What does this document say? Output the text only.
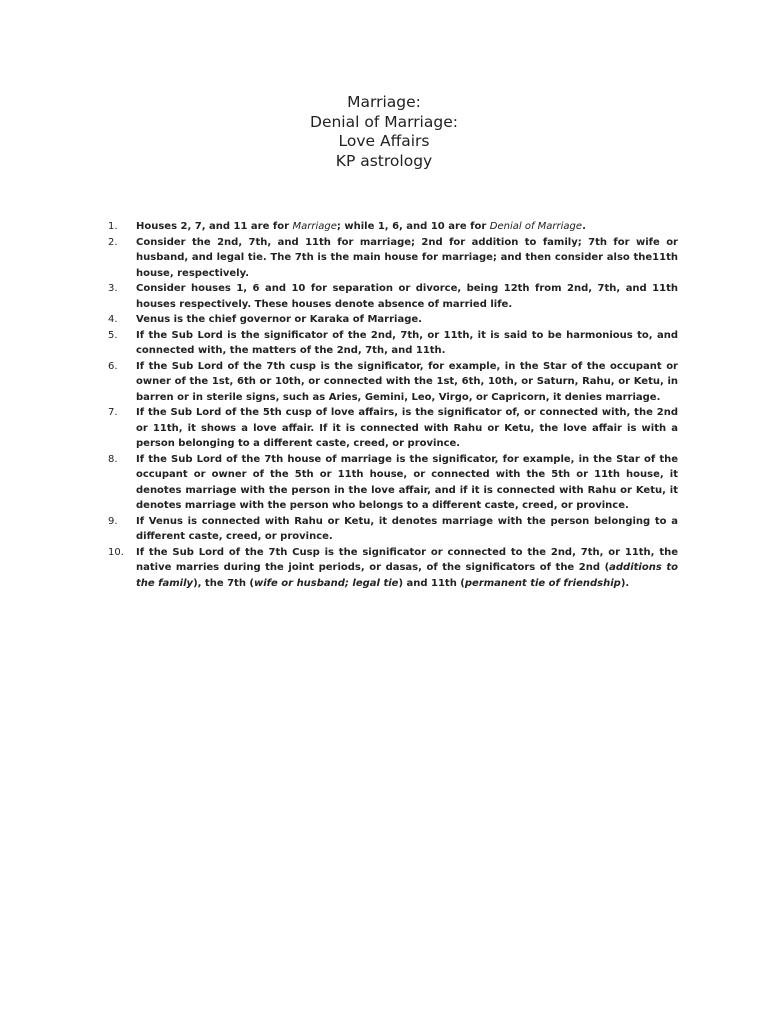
Marriage:
Denial of Marriage:
Love Affairs
KP astrology
1.	Houses 2, 7, and 11 are for Marriage; while 1, 6, and 10 are for Denial of Marriage.
2.	Consider the 2nd, 7th, and 11th for marriage; 2nd for addition to family; 7th for wife or husband, and legal tie. The 7th is the main house for marriage; and then consider also the11th house, respectively.
3.	Consider houses 1, 6 and 10 for separation or divorce, being 12th from 2nd, 7th, and 11th houses respectively. These houses denote absence of married life.
4.	Venus is the chief governor or Karaka of Marriage.
5.	If the Sub Lord is the significator of the 2nd, 7th, or 11th, it is said to be harmonious to, and connected with, the matters of the 2nd, 7th, and 11th.
6.	If the Sub Lord of the 7th cusp is the significator, for example, in the Star of the occupant or owner of the 1st, 6th or 10th, or connected with the 1st, 6th, 10th, or Saturn, Rahu, or Ketu, in barren or in sterile signs, such as Aries, Gemini, Leo, Virgo, or Capricorn, it denies marriage.
7.	If the Sub Lord of the 5th cusp of love affairs, is the significator of, or connected with, the 2nd or 11th, it shows a love affair. If it is connected with Rahu or Ketu, the love affair is with a person belonging to a different caste, creed, or province.
8.	If the Sub Lord of the 7th house of marriage is the significator, for example, in the Star of the occupant or owner of the 5th or 11th house, or connected with the 5th or 11th house, it denotes marriage with the person in the love affair, and if it is connected with Rahu or Ketu, it denotes marriage with the person who belongs to a different caste, creed, or province.
9.	If Venus is connected with Rahu or Ketu, it denotes marriage with the person belonging to a different caste, creed, or province.
10.	If the Sub Lord of the 7th Cusp is the significator or connected to the 2nd, 7th, or 11th, the native marries during the joint periods, or dasas, of the significators of the 2nd (additions to the family), the 7th (wife or husband; legal tie) and 11th (permanent tie of friendship).
